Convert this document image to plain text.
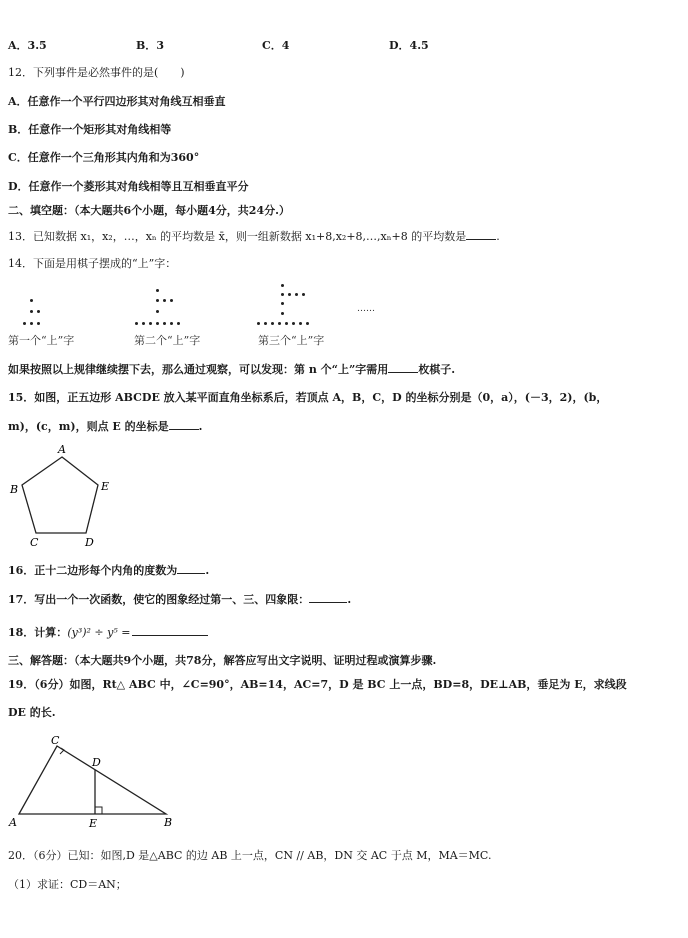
A．3.5	B．3	C．4	D．4.5
12．下列事件是必然事件的是(　　)
A．任意作一个平行四边形其对角线互相垂直
B．任意作一个矩形其对角线相等
C．任意作一个三角形其内角和为360°
D．任意作一个菱形其对角线相等且互相垂直平分
二、填空题：（本大题共6个小题，每小题4分，共24分.）
13．已知数据 x₁，x₂，…，xₙ 的平均数是 x̄，则一组新数据 x₁+8,x₂+8,…,xₙ+8 的平均数是	.
14．下面是用棋子摆成的“上”字：
……
第一个“上”字	第二个“上”字	第三个“上”字
如果按照以上规律继续摆下去，那么通过观察，可以发现：第 n 个“上”字需用	枚棋子.
15．如图，正五边形 ABCDE 放入某平面直角坐标系后，若顶点 A，B，C，D 的坐标分别是（0，a），(－3，2)，(b，
m)，(c，m)，则点 E 的坐标是	.
A
B
C	D
E
16．正十二边形每个内角的度数为	.
17．写出一个一次函数，使它的图象经过第一、三、四象限：	.
18．计算：(y³)² ÷ y⁵ =
三、解答题：（本大题共9个小题，共78分，解答应写出文字说明、证明过程或演算步骤.
19．（6分）如图，Rt△ ABC 中，∠C=90°，AB=14，AC=7，D 是 BC 上一点，BD=8，DE⊥AB，垂足为 E，求线段
DE 的长.
A	B
C
D
E
20．（6分）已知：如图,D 是△ABC 的边 AB 上一点，CN // AB，DN 交 AC 于点 M，MA＝MC.
（1）求证：CD＝AN；
